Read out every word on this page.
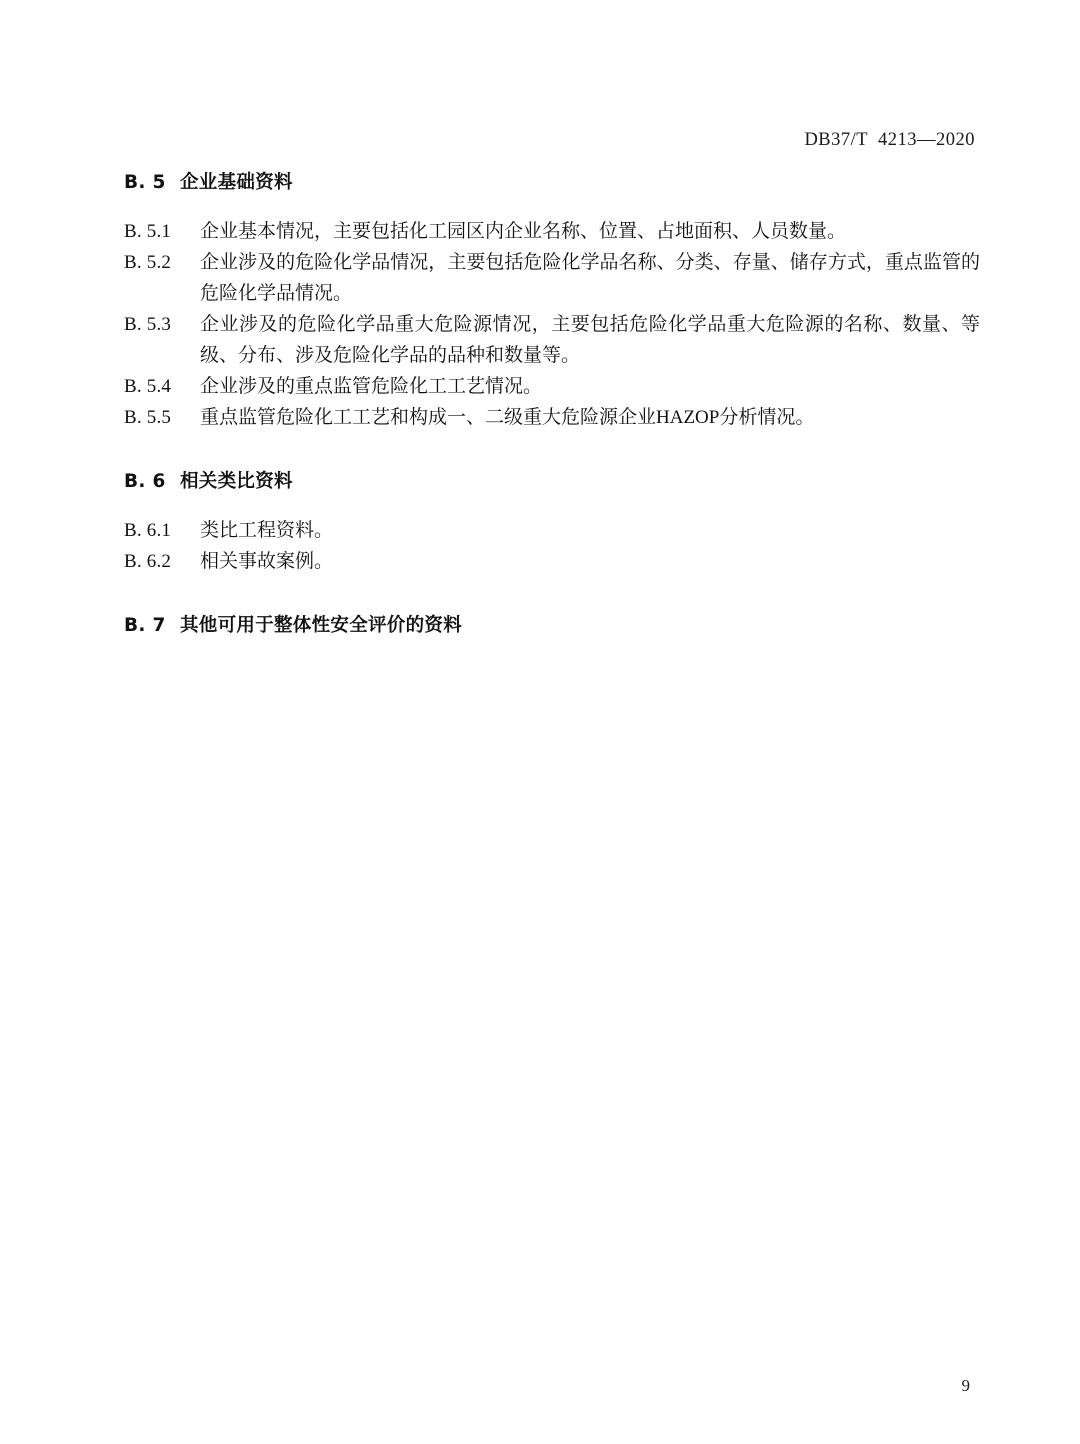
DB37/T  4213—2020
B. 5 企业基础资料
B. 5.1	企业基本情况，主要包括化工园区内企业名称、位置、占地面积、人员数量。
B. 5.2	企业涉及的危险化学品情况，主要包括危险化学品名称、分类、存量、储存方式，重点监管的危险化学品情况。
B. 5.3	企业涉及的危险化学品重大危险源情况，主要包括危险化学品重大危险源的名称、数量、等级、分布、涉及危险化学品的品种和数量等。
B. 5.4	企业涉及的重点监管危险化工工艺情况。
B. 5.5	重点监管危险化工工艺和构成一、二级重大危险源企业HAZOP分析情况。
B. 6 相关类比资料
B. 6.1	类比工程资料。
B. 6.2	相关事故案例。
B. 7 其他可用于整体性安全评价的资料
9
